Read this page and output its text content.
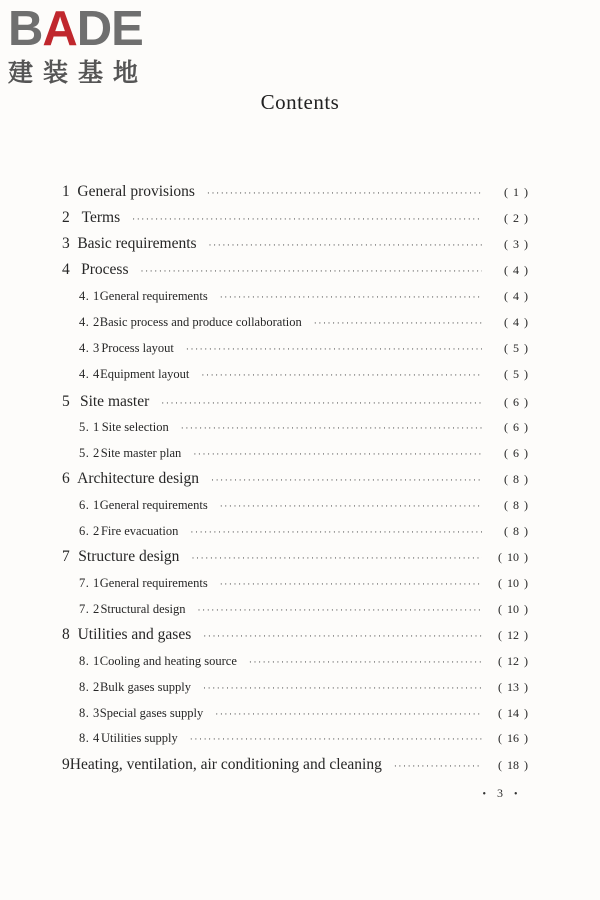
BADE
建装基地
Contents
1 General provisions ·····	( 1 )
2 Terms ·····	( 2 )
3 Basic requirements ·····	( 3 )
4 Process ·····	( 4 )
4. 1 General requirements ·····	( 4 )
4. 2 Basic process and produce collaboration ·····	( 4 )
4. 3 Process layout ·····	( 5 )
4. 4 Equipment layout ·····	( 5 )
5 Site master ·····	( 6 )
5. 1 Site selection ·····	( 6 )
5. 2 Site master plan ·····	( 6 )
6 Architecture design ·····	( 8 )
6. 1 General requirements ·····	( 8 )
6. 2 Fire evacuation ·····	( 8 )
7 Structure design ·····	( 10 )
7. 1 General requirements ·····	( 10 )
7. 2 Structural design ·····	( 10 )
8 Utilities and gases ·····	( 12 )
8. 1 Cooling and heating source ·····	( 12 )
8. 2 Bulk gases supply ·····	( 13 )
8. 3 Special gases supply ·····	( 14 )
8. 4 Utilities supply ·····	( 16 )
9 Heating, ventilation, air conditioning and cleaning ·····	( 18 )
• 3 •
